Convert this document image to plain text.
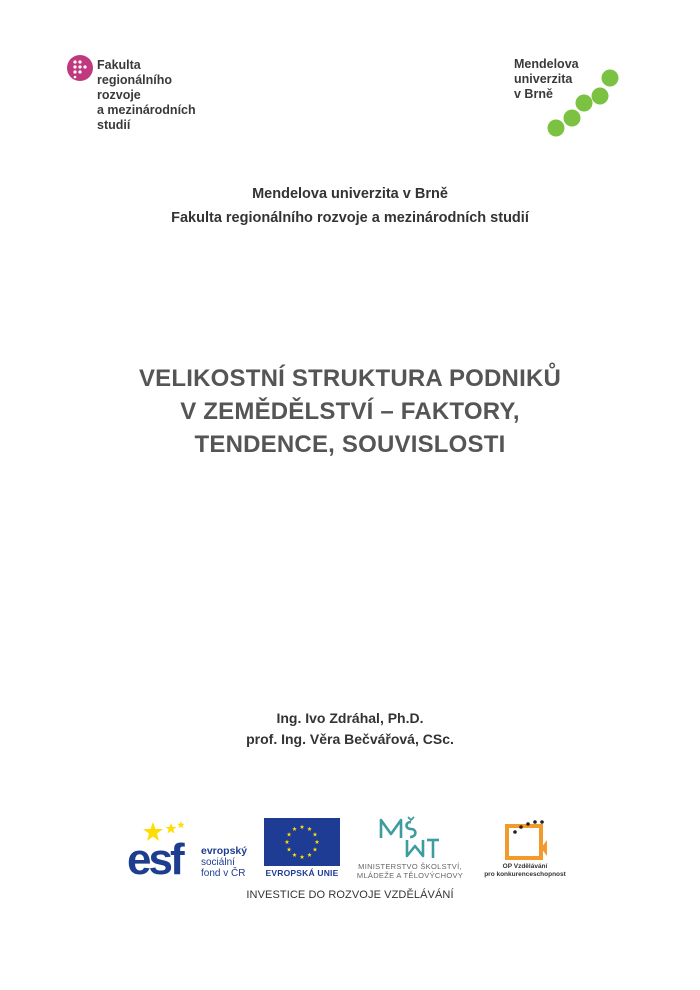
Fakulta
regionálního
rozvoje
a mezinárodních
studií
Mendelova
univerzita
v Brně
Mendelova univerzita v Brně
Fakulta regionálního rozvoje a mezinárodních studií
VELIKOSTNÍ STRUKTURA PODNIKŮ
V ZEMĚDĚLSTVÍ – FAKTORY,
TENDENCE, SOUVISLOSTI
Ing. Ivo Zdráhal, Ph.D.
prof. Ing. Věra Bečvářová, CSc.
esf evropský
sociální
fond v ČR EVROPSKÁ UNIE
MINISTERSTVO ŠKOLSTVÍ,
MLÁDEŽE A TĚLOVÝCHOVY
OP Vzdělávání
pro konkurenceschopnost
INVESTICE DO ROZVOJE VZDĚLÁVÁNÍ
